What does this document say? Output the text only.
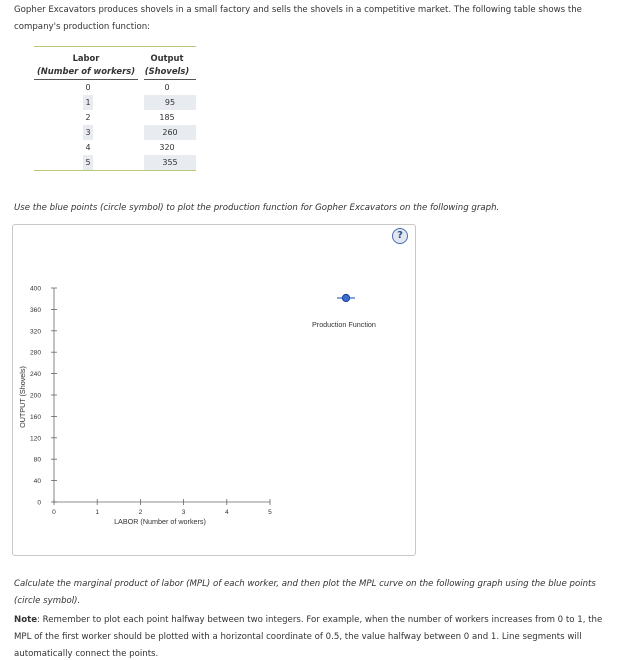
Gopher Excavators produces shovels in a small factory and sells the shovels in a competitive market. The following table shows the company's production function:
Labor
(Number of workers)
Output
(Shovels)
0	0
1	95
2	185
3	260
4	320
5	355
Use the blue points (circle symbol) to plot the production function for Gopher Excavators on the following graph.
?
0
40
80
120
160
200
240
280
320
360
400
0	1	2	3	4	5
OUTPUT (Shovels)
LABOR (Number of workers)
Production Function
Calculate the marginal product of labor (MPL) of each worker, and then plot the MPL curve on the following graph using the blue points (circle symbol).
Note: Remember to plot each point halfway between two integers. For example, when the number of workers increases from 0 to 1, the MPL of the first worker should be plotted with a horizontal coordinate of 0.5, the value halfway between 0 and 1. Line segments will automatically connect the points.
